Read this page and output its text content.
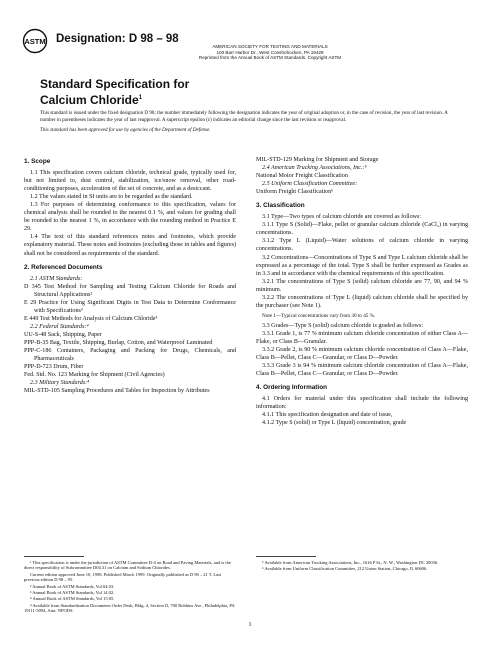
ASTM Designation: D 98 – 98
AMERICAN SOCIETY FOR TESTING AND MATERIALS
100 Barr Harbor Dr., West Conshohocken, PA 19428
Reprinted from the Annual Book of ASTM Standards. Copyright ASTM
Standard Specification for
Calcium Chloride$^1$

This standard is issued under the fixed designation D 98; the number immediately following the designation indicates the year of original adoption or, in the case of revision, the year of last revision. A number in parentheses indicates the year of last reapproval. A superscript epsilon (ε) indicates an editorial change since the last revision or reapproval.

This standard has been approved for use by agencies of the Department of Defense.

1. Scope

1.1 This specification covers calcium chloride, technical grade, typically used for, but not limited to, dust control, stabilization, ice/snow removal, other road-conditioning purposes, acceleration of the set of concrete, and as a desiccant.

1.2 The values stated in SI units are to be regarded as the standard.

1.3 For purposes of determining conformance to this specification, values for chemical analysis shall be rounded to the nearest 0.1 %, and values for grading shall be rounded to the nearest 1 %, in accordance with the rounding method in Practice E 29.

1.4 The text of this standard references notes and footnotes, which provide explanatory material. These notes and footnotes (excluding those in tables and figures) shall not be considered as requirements of the standard.

2. Referenced Documents

2.1 ASTM Standards:

D 345 Test Method for Sampling and Testing Calcium Chloride for Roads and Structural Applications²

E 29 Practice for Using Significant Digits in Test Data to Determine Conformance with Specifications³

E 449 Test Methods for Analysis of Calcium Chloride³

2.2 Federal Standards:⁴

UU-S-48 Sack, Shipping, Paper

PPP-B-35 Bag, Textile, Shipping, Burlap, Cotton, and Waterproof Laminated

PPP-C-186 Containers, Packaging and Packing for Drugs, Chemicals, and Pharmaceuticals

PPP-D-723 Drum, Fiber

Fed. Std. No. 123 Marking for Shipment (Civil Agencies)

2.3 Military Standards:⁴

MIL-STD-105 Sampling Procedures and Tables for Inspection by Attributes

MIL-STD-129 Marking for Shipment and Storage

2.4 American Trucking Associations, Inc.:⁵

National Motor Freight Classification

2.5 Uniform Classification Committee:

Uniform Freight Classification⁶

3. Classification

3.1 Type—Two types of calcium chloride are covered as follows:

3.1.1 Type S (Solid)—Flake, pellet or granular calcium chloride (CaCl₂) in varying concentrations.

3.1.2 Type L (Liquid)—Water solutions of calcium chloride in varying concentrations.

3.2 Concentrations—Concentrations of Type S and Type L calcium chloride shall be expressed as a percentage of the total. Type S shall be further expressed as Grades as in 3.3 and in accordance with the chemical requirements of this specification.

3.2.1 The concentrations of Type S (solid) calcium chloride are 77, 90, and 94 % minimum.

3.2.2 The concentrations of Type L (liquid) calcium chloride shall be specified by the purchaser (see Note 1).

Note 1—Typical concentrations vary from 30 to 45 %.

3.3 Grades—Type S (solid) calcium chloride is graded as follows:

3.3.1 Grade 1, is 77 % minimum calcium chloride concentration of either Class A—Flake, or Class B—Granular.

3.3.2 Grade 2, is 90 % minimum calcium chloride concentration of Class A—Flake, Class B—Pellet, Class C—Granular, or Class D—Powder.

3.3.3 Grade 3 is 94 % minimum calcium chloride concentration of Class A—Flake, Class B—Pellet, Class C—Granular, or Class D—Powder.

4. Ordering Information

4.1 Orders for material under this specification shall include the following information:

4.1.1 This specification designation and date of issue,

4.1.2 Type S (solid) or Type L (liquid) concentration, grade

¹ This specification is under the jurisdiction of ASTM Committee D-4 on Road and Paving Materials, and is the direct responsibility of Subcommittee D04.31 on Calcium and Sodium Chlorides.

Current edition approved June 10, 1998. Published March 1999. Originally published as D 98 – 21 T. Last previous edition D 98 – 95.

² Annual Book of ASTM Standards, Vol 04.03.

³ Annual Book of ASTM Standards, Vol 14.02.

⁴ Annual Book of ASTM Standards, Vol 15.05.

⁴ Available from Standardization Documents Order Desk, Bldg. 4, Section D, 700 Robbins Ave., Philadelphia, PA 19111-5094, Attn: NPODS.

⁵ Available from American Trucking Associations, Inc., 1616 P St., N. W., Washington DC 20036.

⁶ Available from Uniform Classification Committee, 212 Union Station, Chicago, IL 60606.

1
